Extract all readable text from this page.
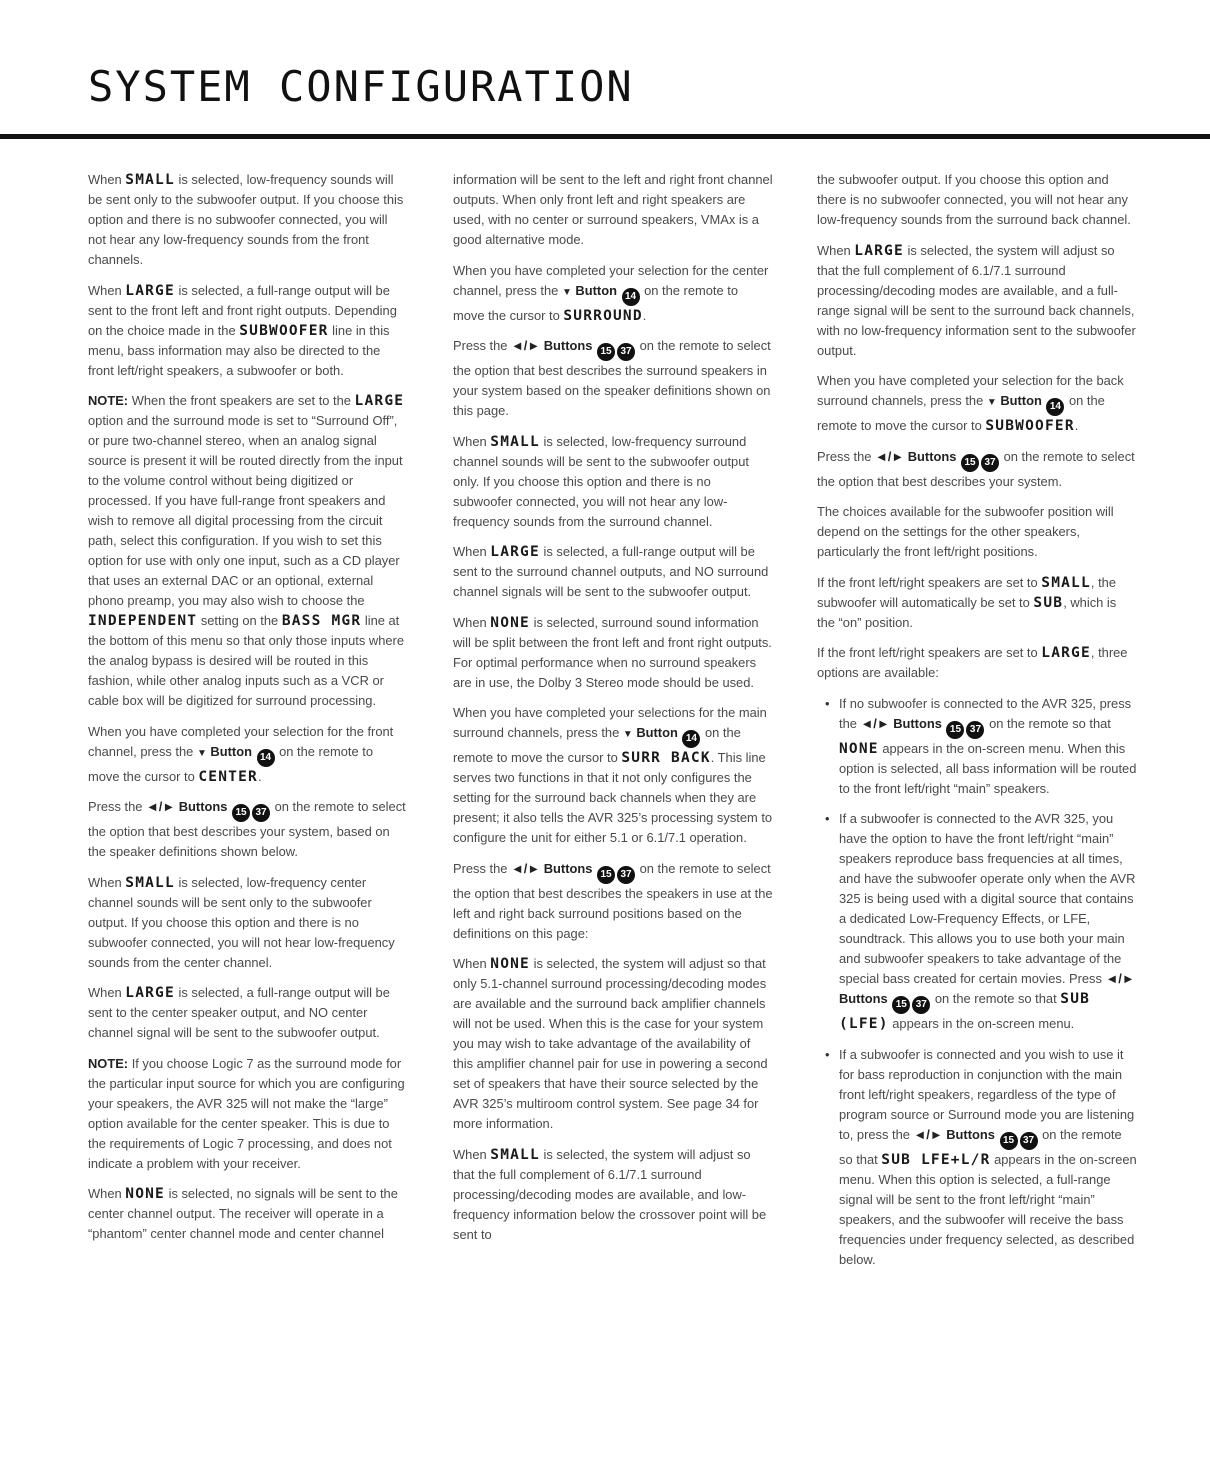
SYSTEM CONFIGURATION

When SMALL is selected, low-frequency sounds will be sent only to the subwoofer output. If you choose this option and there is no subwoofer connected, you will not hear any low-frequency sounds from the front channels.

When LARGE is selected, a full-range output will be sent to the front left and front right outputs. Depending on the choice made in the SUBWOOFER line in this menu, bass information may also be directed to the front left/right speakers, a subwoofer or both.

NOTE: When the front speakers are set to the LARGE option and the surround mode is set to “Surround Off”, or pure two-channel stereo, when an analog signal source is present it will be routed directly from the input to the volume control without being digitized or processed. If you have full-range front speakers and wish to remove all digital processing from the circuit path, select this configuration. If you wish to set this option for use with only one input, such as a CD player that uses an external DAC or an optional, external phono preamp, you may also wish to choose the INDEPENDENT setting on the BASS MGR line at the bottom of this menu so that only those inputs where the analog bypass is desired will be routed in this fashion, while other analog inputs such as a VCR or cable box will be digitized for surround processing.

When you have completed your selection for the front channel, press the ▼ Button 14 on the remote to move the cursor to CENTER.

Press the ◄/► Buttons 15 37 on the remote to select the option that best describes your system, based on the speaker definitions shown below.

When SMALL is selected, low-frequency center channel sounds will be sent only to the subwoofer output. If you choose this option and there is no subwoofer connected, you will not hear low-frequency sounds from the center channel.

When LARGE is selected, a full-range output will be sent to the center speaker output, and NO center channel signal will be sent to the subwoofer output.

NOTE: If you choose Logic 7 as the surround mode for the particular input source for which you are configuring your speakers, the AVR 325 will not make the “large” option available for the center speaker. This is due to the requirements of Logic 7 processing, and does not indicate a problem with your receiver.

When NONE is selected, no signals will be sent to the center channel output. The receiver will operate in a “phantom” center channel mode and center channel

information will be sent to the left and right front channel outputs. When only front left and right speakers are used, with no center or surround speakers, VMAx is a good alternative mode.

When you have completed your selection for the center channel, press the ▼ Button 14 on the remote to move the cursor to SURROUND.

Press the ◄/► Buttons 15 37 on the remote to select the option that best describes the surround speakers in your system based on the speaker definitions shown on this page.

When SMALL is selected, low-frequency surround channel sounds will be sent to the subwoofer output only. If you choose this option and there is no subwoofer connected, you will not hear any low-frequency sounds from the surround channel.

When LARGE is selected, a full-range output will be sent to the surround channel outputs, and NO surround channel signals will be sent to the subwoofer output.

When NONE is selected, surround sound information will be split between the front left and front right outputs. For optimal performance when no surround speakers are in use, the Dolby 3 Stereo mode should be used.

When you have completed your selections for the main surround channels, press the ▼ Button 14 on the remote to move the cursor to SURR BACK. This line serves two functions in that it not only configures the setting for the surround back channels when they are present; it also tells the AVR 325’s processing system to configure the unit for either 5.1 or 6.1/7.1 operation.

Press the ◄/► Buttons 15 37 on the remote to select the option that best describes the speakers in use at the left and right back surround positions based on the definitions on this page:

When NONE is selected, the system will adjust so that only 5.1-channel surround processing/decoding modes are available and the surround back amplifier channels will not be used. When this is the case for your system you may wish to take advantage of the availability of this amplifier channel pair for use in powering a second set of speakers that have their source selected by the AVR 325’s multiroom control system. See page 34 for more information.

When SMALL is selected, the system will adjust so that the full complement of 6.1/7.1 surround processing/decoding modes are available, and low-frequency information below the crossover point will be sent to

the subwoofer output. If you choose this option and there is no subwoofer connected, you will not hear any low-frequency sounds from the surround back channel.

When LARGE is selected, the system will adjust so that the full complement of 6.1/7.1 surround processing/decoding modes are available, and a full-range signal will be sent to the surround back channels, with no low-frequency information sent to the subwoofer output.

When you have completed your selection for the back surround channels, press the ▼ Button 14 on the remote to move the cursor to SUBWOOFER.

Press the ◄/► Buttons 15 37 on the remote to select the option that best describes your system.

The choices available for the subwoofer position will depend on the settings for the other speakers, particularly the front left/right positions.

If the front left/right speakers are set to SMALL, the subwoofer will automatically be set to SUB, which is the “on” position.

If the front left/right speakers are set to LARGE, three options are available:

• If no subwoofer is connected to the AVR 325, press the ◄/► Buttons 15 37 on the remote so that NONE appears in the on-screen menu. When this option is selected, all bass information will be routed to the front left/right “main” speakers.
• If a subwoofer is connected to the AVR 325, you have the option to have the front left/right “main” speakers reproduce bass frequencies at all times, and have the subwoofer operate only when the AVR 325 is being used with a digital source that contains a dedicated Low-Frequency Effects, or LFE, soundtrack. This allows you to use both your main and subwoofer speakers to take advantage of the special bass created for certain movies. Press ◄/► Buttons 15 37 on the remote so that SUB (LFE) appears in the on-screen menu.
• If a subwoofer is connected and you wish to use it for bass reproduction in conjunction with the main front left/right speakers, regardless of the type of program source or Surround mode you are listening to, press the ◄/► Buttons 15 37 on the remote so that SUB LFE+L/R appears in the on-screen menu. When this option is selected, a full-range signal will be sent to the front left/right “main” speakers, and the subwoofer will receive the bass frequencies under frequency selected, as described below.
